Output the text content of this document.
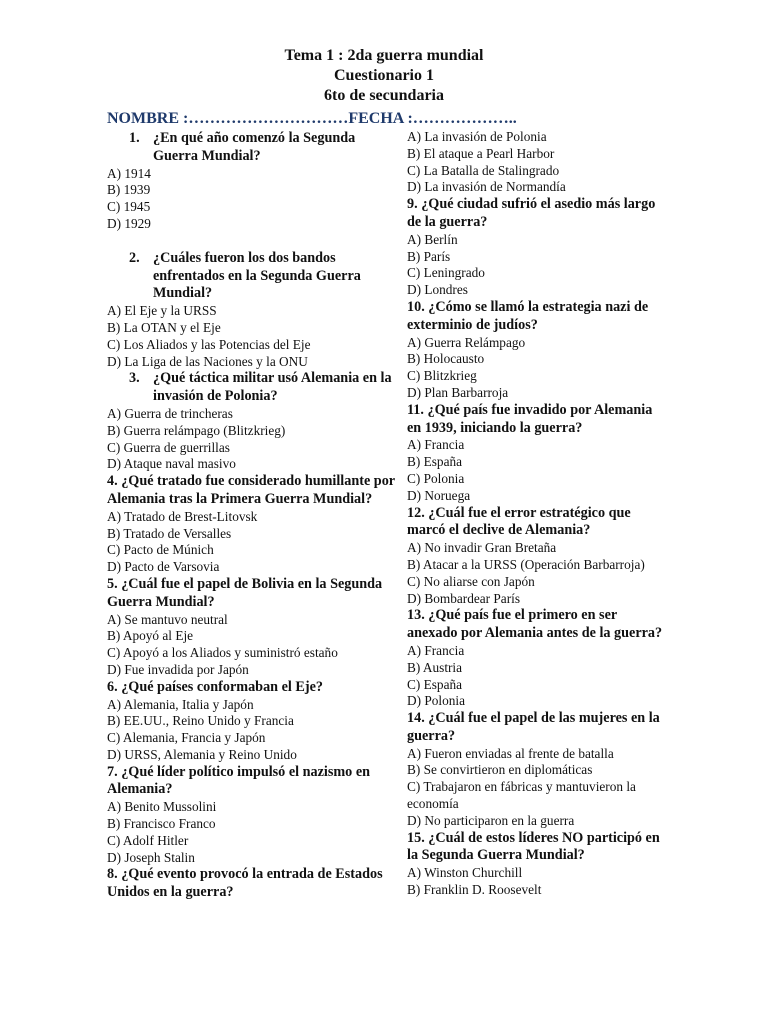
Tema 1 : 2da guerra mundial
Cuestionario 1
6to de secundaria
NOMBRE :…………………………FECHA :………………..
1. ¿En qué año comenzó la Segunda Guerra Mundial?
A) 1914
B) 1939
C) 1945
D) 1929
2. ¿Cuáles fueron los dos bandos enfrentados en la Segunda Guerra Mundial?
A) El Eje y la URSS
B) La OTAN y el Eje
C) Los Aliados y las Potencias del Eje
D) La Liga de las Naciones y la ONU
3. ¿Qué táctica militar usó Alemania en la invasión de Polonia?
A) Guerra de trincheras
B) Guerra relámpago (Blitzkrieg)
C) Guerra de guerrillas
D) Ataque naval masivo
4. ¿Qué tratado fue considerado humillante por Alemania tras la Primera Guerra Mundial?
A) Tratado de Brest-Litovsk
B) Tratado de Versalles
C) Pacto de Múnich
D) Pacto de Varsovia
5. ¿Cuál fue el papel de Bolivia en la Segunda Guerra Mundial?
A) Se mantuvo neutral
B) Apoyó al Eje
C) Apoyó a los Aliados y suministró estaño
D) Fue invadida por Japón
6. ¿Qué países conformaban el Eje?
A) Alemania, Italia y Japón
B) EE.UU., Reino Unido y Francia
C) Alemania, Francia y Japón
D) URSS, Alemania y Reino Unido
7. ¿Qué líder político impulsó el nazismo en Alemania?
A) Benito Mussolini
B) Francisco Franco
C) Adolf Hitler
D) Joseph Stalin
8. ¿Qué evento provocó la entrada de Estados Unidos en la guerra?
A) La invasión de Polonia
B) El ataque a Pearl Harbor
C) La Batalla de Stalingrado
D) La invasión de Normandía
9. ¿Qué ciudad sufrió el asedio más largo de la guerra?
A) Berlín
B) París
C) Leningrado
D) Londres
10. ¿Cómo se llamó la estrategia nazi de exterminio de judíos?
A) Guerra Relámpago
B) Holocausto
C) Blitzkrieg
D) Plan Barbarroja
11. ¿Qué país fue invadido por Alemania en 1939, iniciando la guerra?
A) Francia
B) España
C) Polonia
D) Noruega
12. ¿Cuál fue el error estratégico que marcó el declive de Alemania?
A) No invadir Gran Bretaña
B) Atacar a la URSS (Operación Barbarroja)
C) No aliarse con Japón
D) Bombardear París
13. ¿Qué país fue el primero en ser anexado por Alemania antes de la guerra?
A) Francia
B) Austria
C) España
D) Polonia
14. ¿Cuál fue el papel de las mujeres en la guerra?
A) Fueron enviadas al frente de batalla
B) Se convirtieron en diplomáticas
C) Trabajaron en fábricas y mantuvieron la economía
D) No participaron en la guerra
15. ¿Cuál de estos líderes NO participó en la Segunda Guerra Mundial?
A) Winston Churchill
B) Franklin D. Roosevelt
